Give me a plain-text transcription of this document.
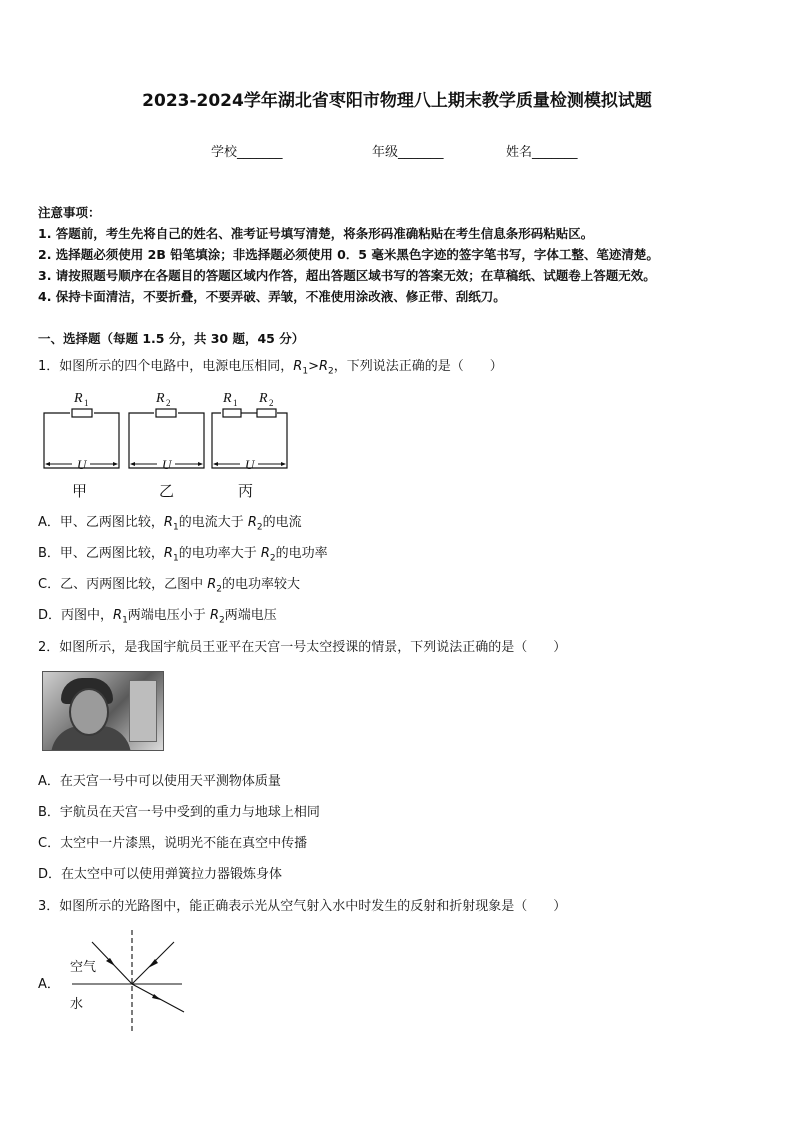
2023-2024学年湖北省枣阳市物理八上期末教学质量检测模拟试题
学校_______	年级_______	姓名_______
注意事项：
1. 答题前，考生先将自己的姓名、准考证号填写清楚，将条形码准确粘贴在考生信息条形码粘贴区。
2. 选择题必须使用 2B 铅笔填涂；非选择题必须使用 0．5 毫米黑色字迹的签字笔书写，字体工整、笔迹清楚。
3. 请按照题号顺序在各题目的答题区域内作答，超出答题区域书写的答案无效；在草稿纸、试题卷上答题无效。
4. 保持卡面清洁，不要折叠，不要弄破、弄皱，不准使用涂改液、修正带、刮纸刀。
一、选择题（每题 1.5 分，共 30 题，45 分）
1．如图所示的四个电路中，电源电压相同，$R_1>R_2$，下列说法正确的是（　　）
R 1	R 2	R 1 R 2
U	U	U
甲	乙	丙
A．甲、乙两图比较，$R_1$的电流大于 $R_2$的电流
B．甲、乙两图比较，$R_1$的电功率大于 $R_2$的电功率
C．乙、丙两图比较，乙图中 $R_2$的电功率较大
D．丙图中，$R_1$两端电压小于 $R_2$两端电压
2．如图所示，是我国宇航员王亚平在天宫一号太空授课的情景，下列说法正确的是（　　）
A．在天宫一号中可以使用天平测物体质量
B．宇航员在天宫一号中受到的重力与地球上相同
C．太空中一片漆黑，说明光不能在真空中传播
D．在太空中可以使用弹簧拉力器锻炼身体
3．如图所示的光路图中，能正确表示光从空气射入水中时发生的反射和折射现象是（　　）
A．
空气
水
